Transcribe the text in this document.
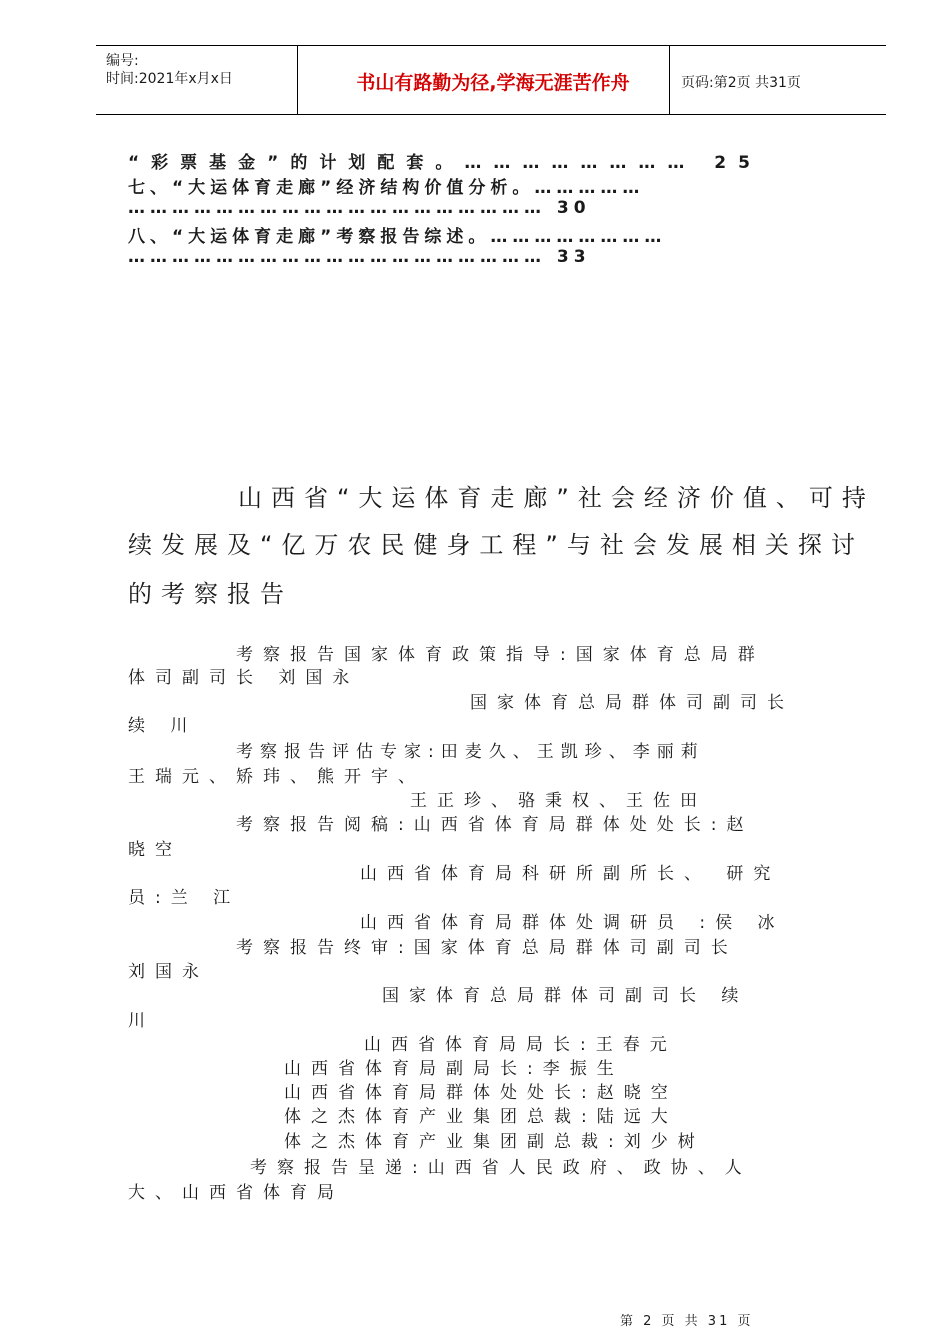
编号:
时间:2021年x月x日	书山有路勤为径,学海无涯苦作舟	页码:第2页 共31页
“彩票基金”的计划配套。…………………… 25
七、“大运体育走廊”经济结构价值分析。……………
………………………………………………… 30
八、“大运体育走廊”考察报告综述。……………………
………………………………………………… 33
山西省“大运体育走廊”社会经济价值、可持
续发展及“亿万农民健身工程”与社会发展相关探讨
的考察报告
考察报告国家体育政策指导:国家体育总局群
体司副司长 刘国永
国家体育总局群体司副司长
续 川
考察报告评估专家:田麦久、王凯珍、李丽莉
王瑞元、矫玮、熊开宇、
王正珍、骆秉权、王佐田
考察报告阅稿:山西省体育局群体处处长:赵
晓空
山西省体育局科研所副所长、 研究
员:兰 江
山西省体育局群体处调研员 :侯 冰
考察报告终审:国家体育总局群体司副司长
刘国永
国家体育总局群体司副司长 续
川
山西省体育局局长:王春元
山西省体育局副局长:李振生
山西省体育局群体处处长:赵晓空
体之杰体育产业集团总裁:陆远大
体之杰体育产业集团副总裁:刘少树
考察报告呈递:山西省人民政府、政协、人
大、山西省体育局
第 2 页 共 31 页
